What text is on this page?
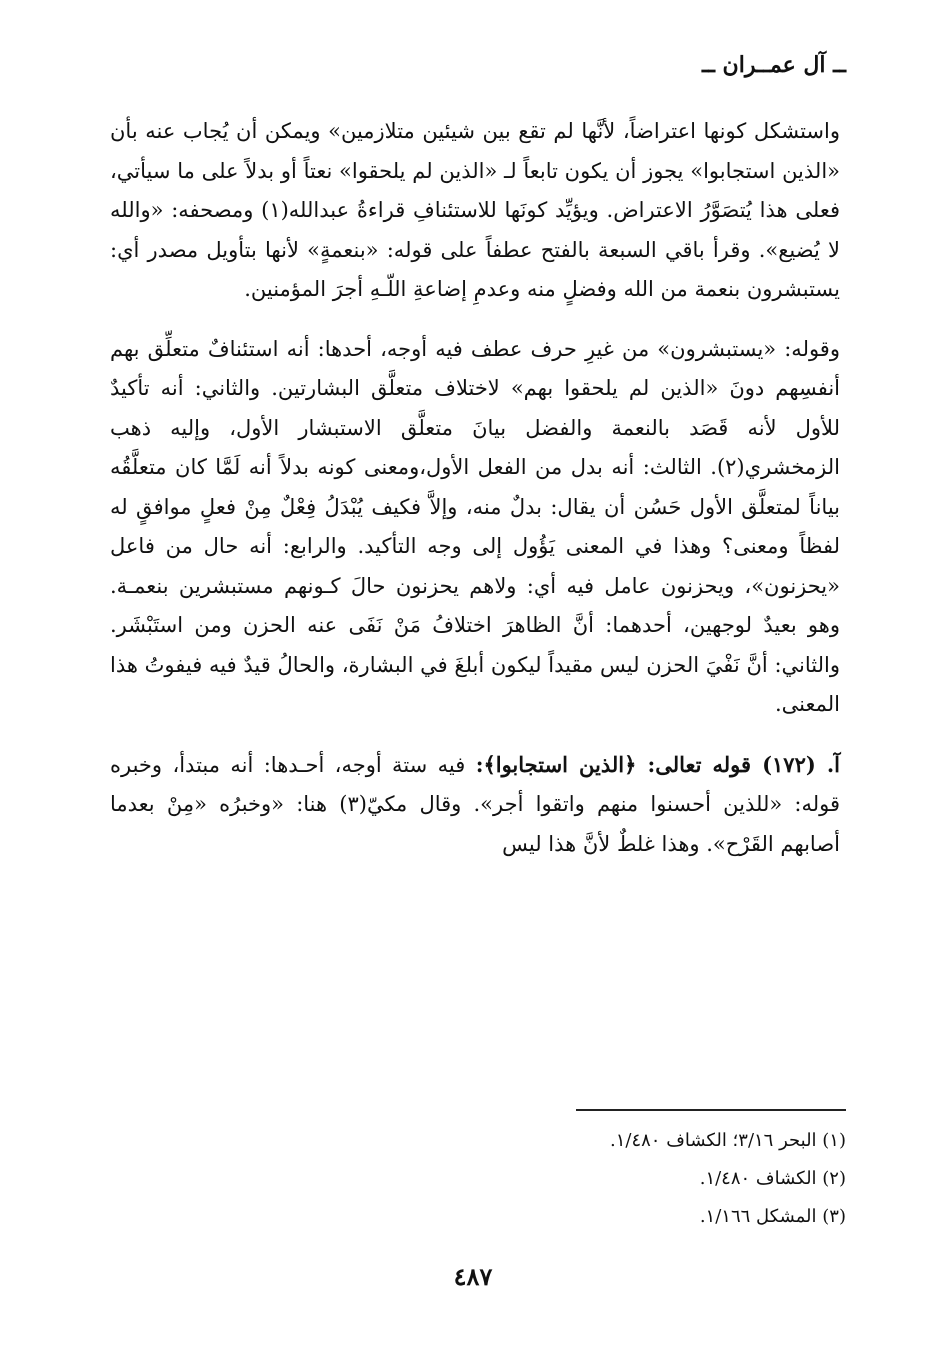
ــ آل عمــران ــ

واستشكل كونها اعتراضاً، لأنَّها لم تقع بين شيئين متلازمين» ويمكن أن يُجاب عنه بأن «الذين استجابوا» يجوز أن يكون تابعاً لـ «الذين لم يلحقوا» نعتاً أو بدلاً على ما سيأتي، فعلى هذا يُتصَوَّرُ الاعتراض. ويؤيِّد كونَها للاستئنافِ قراءةُ عبدالله(١) ومصحفه: «والله لا يُضيع». وقرأ باقي السبعة بالفتح عطفاً على قوله: «بنعمةٍ» لأنها بتأويل مصدر أي: يستبشرون بنعمة من الله وفضلٍ منه وعدمِ إضاعةِ اللّـهِ أجرَ المؤمنين.

وقوله: «يستبشرون» من غيرِ حرف عطف فيه أوجه، أحدها: أنه استئنافٌ متعلِّق بهم أنفسِهم دونَ «الذين لم يلحقوا بهم» لاختلاف متعلَّق البشارتين. والثاني: أنه تأكيدٌ للأول لأنه قَصَد بالنعمة والفضل بيانَ متعلَّق الاستبشار الأول، وإليه ذهب الزمخشري(٢). الثالث: أنه بدل من الفعل الأول،ومعنى كونه بدلاً أنه لَمَّا كان متعلَّقُه بياناً لمتعلَّق الأول حَسُن أن يقال: بدلٌ منه، وإلاَّ فكيف يُبْدَلُ فِعْلٌ مِنْ فعلٍ موافقٍ له لفظاً ومعنى؟ وهذا في المعنى يَؤُول إلى وجه التأكيد. والرابع: أنه حال من فاعل «يحزنون»، ويحزنون عامل فيه أي: ولاهم يحزنون حالَ كـونهم مستبشرين بنعمـة. وهو بعيدٌ لوجهين، أحدهما: أنَّ الظاهرَ اختلافُ مَنْ نَفَى عنه الحزن ومن استَبْشَر. والثاني: أنَّ نَفْيَ الحزن ليس مقيداً ليكون أبلغَ في البشارة، والحالُ قيدٌ فيه فيفوتُ هذا المعنى.

آ. (١٧٢) قوله تعالى: ﴿الذين استجابوا﴾: فيه ستة أوجه، أحـدها: أنه مبتدأ، وخبره قوله: «للذين أحسنوا منهم واتقوا أجر». وقال مكيّ(٣) هنا: «وخبرُه «مِنْ بعدما أصابهم القَرْح». وهذا غلطٌ لأنَّ هذا ليس

(١) البحر ٣/١٦؛ الكشاف ١/٤٨٠.
(٢) الكشاف ١/٤٨٠.
(٣) المشكل ١/١٦٦.
٤٨٧
